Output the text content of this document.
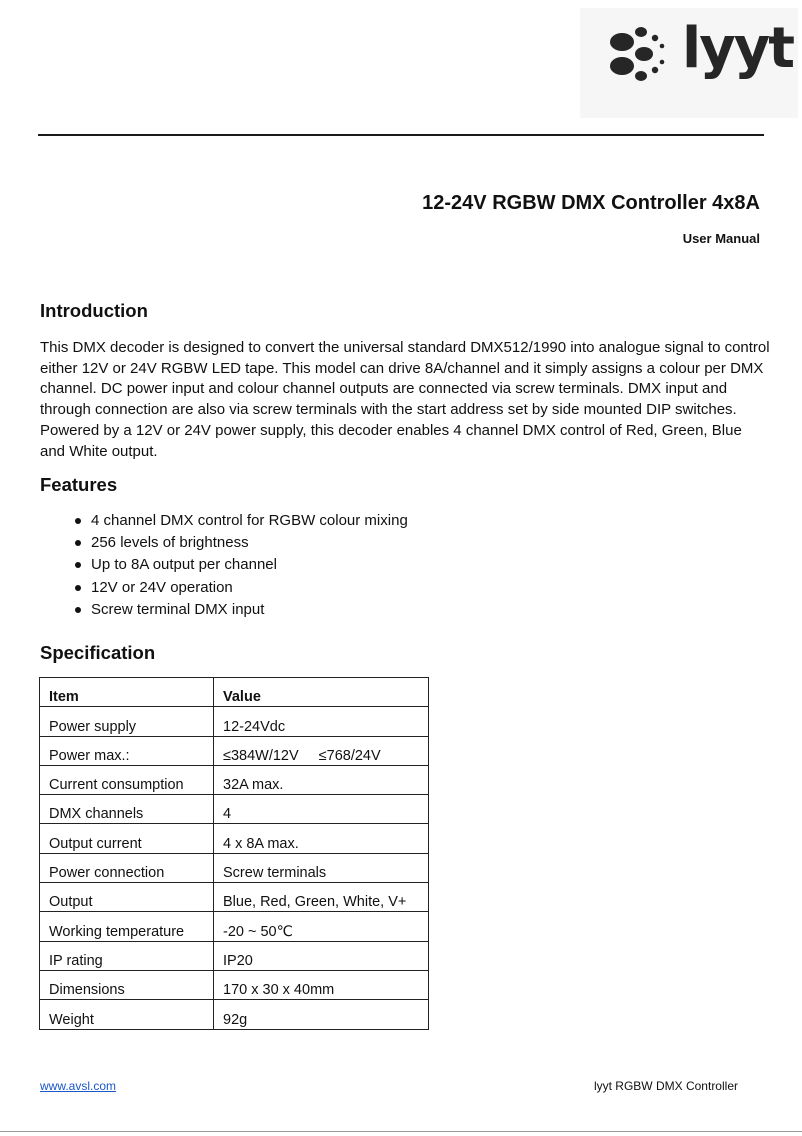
lyyt
12-24V RGBW DMX Controller 4x8A
User Manual
Introduction

This DMX decoder is designed to convert the universal standard DMX512/1990 into analogue signal to control either 12V or 24V RGBW LED tape. This model can drive 8A/channel and it simply assigns a colour per DMX channel. DC power input and colour channel outputs are connected via screw terminals. DMX input and through connection are also via screw terminals with the start address set by side mounted DIP switches. Powered by a 12V or 24V power supply, this decoder enables 4 channel DMX control of Red, Green, Blue and White output.

Features
4 channel DMX control for RGBW colour mixing
256 levels of brightness
Up to 8A output per channel
12V or 24V operation
Screw terminal DMX input
Specification
Item	Value
Power supply	12-24Vdc
Power max.:	≤384W/12V ≤768/24V
Current consumption	32A max.
DMX channels	4
Output current	4 x 8A max.
Power connection	Screw terminals
Output	Blue, Red, Green, White, V+
Working temperature	-20 ~ 50℃
IP rating	IP20
Dimensions	170 x 30 x 40mm
Weight	92g
www.avsl.com	lyyt RGBW DMX Controller
